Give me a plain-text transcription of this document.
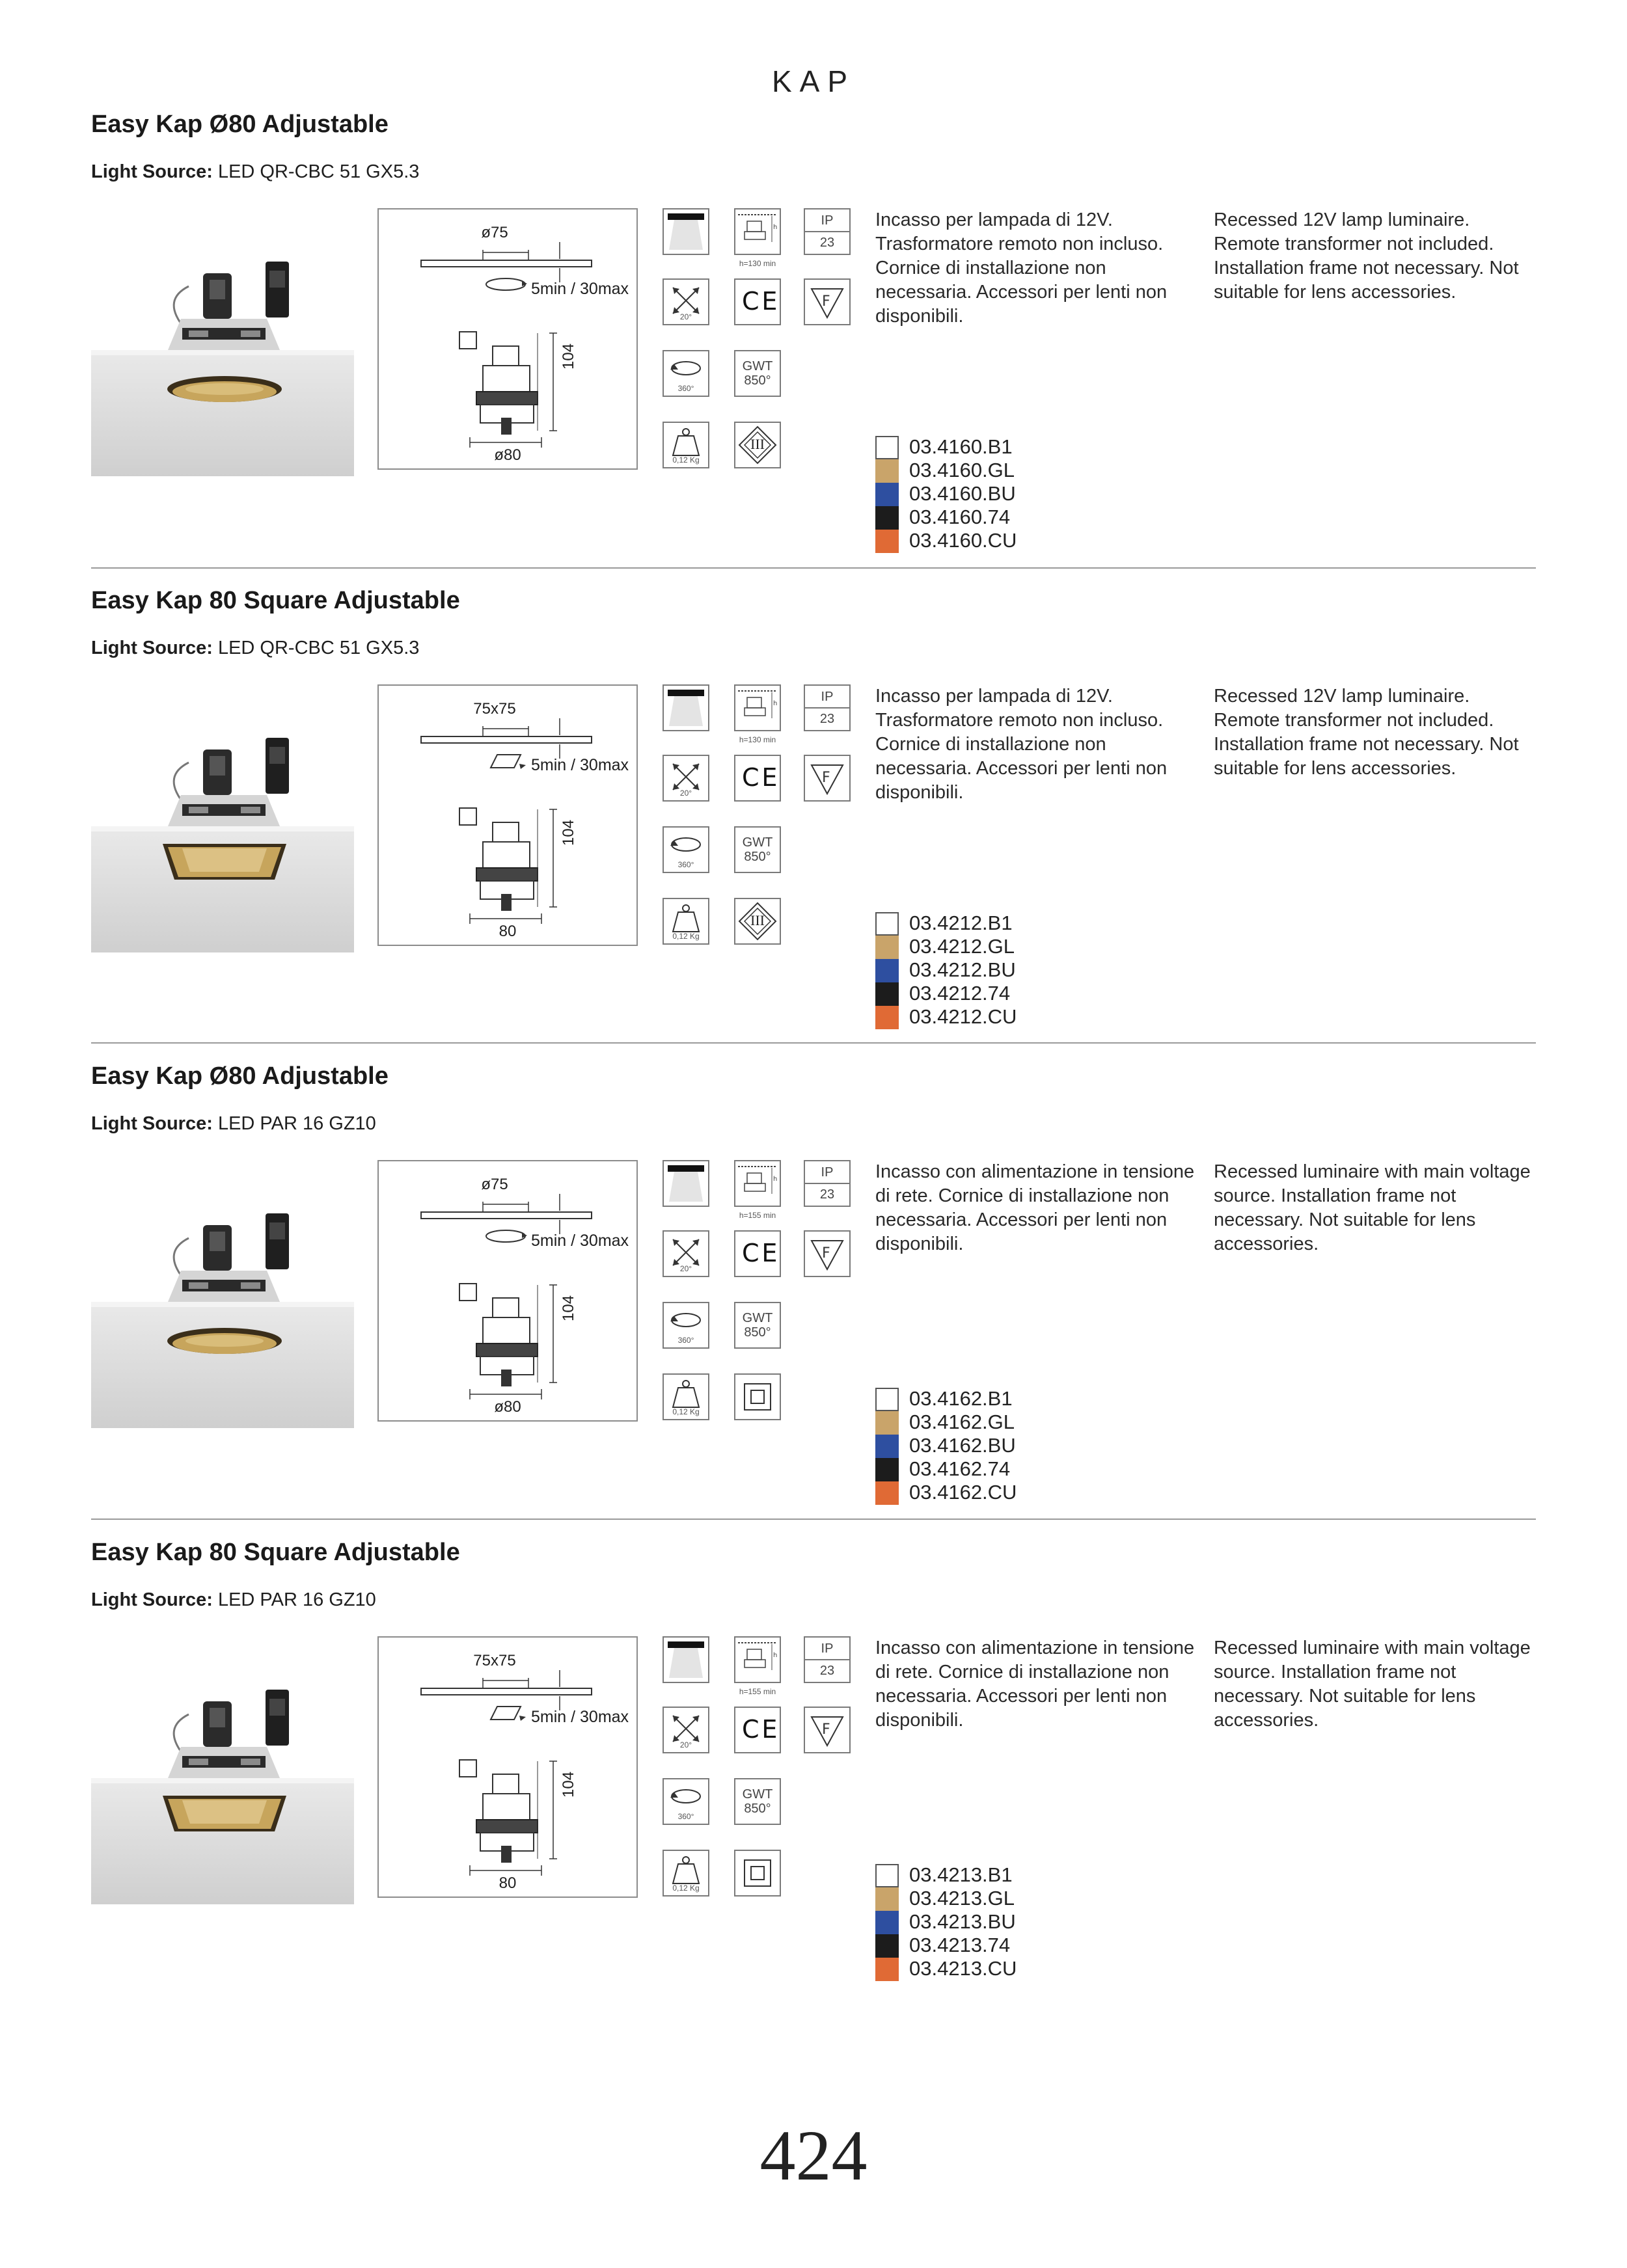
KAP
Easy Kap Ø80 Adjustable
Light Source: LED QR-CBC 51 GX5.3
ø75
5min / 30max
104
ø80
h
h=130 min
IP
23
20°
C E	F
360°
GWT
850°
0,12 Kg
III

Incasso per lampada di 12V. Trasformatore remoto non incluso. Cornice di installazione non necessaria. Accessori per lenti non disponibili.

Recessed 12V lamp luminaire. Remote transformer not included. Installation frame not necessary. Not suitable for lens accessories.

03.4160.B1
03.4160.GL
03.4160.BU
03.4160.74
03.4160.CU
Easy Kap 80 Square Adjustable
Light Source: LED QR-CBC 51 GX5.3
75x75
5min / 30max
104
80
h
h=130 min
IP
23
20°
C E	F
360°
GWT
850°
0,12 Kg
III

Incasso per lampada di 12V. Trasformatore remoto non incluso. Cornice di installazione non necessaria. Accessori per lenti non disponibili.

Recessed 12V lamp luminaire. Remote transformer not included. Installation frame not necessary. Not suitable for lens accessories.

03.4212.B1
03.4212.GL
03.4212.BU
03.4212.74
03.4212.CU
Easy Kap Ø80 Adjustable
Light Source: LED PAR 16 GZ10
ø75
5min / 30max
104
ø80
h
h=155 min
IP
23
20°
C E	F
360°
GWT
850°
0,12 Kg

Incasso con alimentazione in tensione di rete. Cornice di installazione non necessaria. Accessori per lenti non disponibili.

Recessed luminaire with main voltage source. Installation frame not necessary. Not suitable for lens accessories.

03.4162.B1
03.4162.GL
03.4162.BU
03.4162.74
03.4162.CU
Easy Kap 80 Square Adjustable
Light Source: LED PAR 16 GZ10
75x75
5min / 30max
104
80
h
h=155 min
IP
23
20°
C E	F
360°
GWT
850°
0,12 Kg

Incasso con alimentazione in tensione di rete. Cornice di installazione non necessaria. Accessori per lenti non disponibili.

Recessed luminaire with main voltage source. Installation frame not necessary. Not suitable for lens accessories.

03.4213.B1
03.4213.GL
03.4213.BU
03.4213.74
03.4213.CU
424
